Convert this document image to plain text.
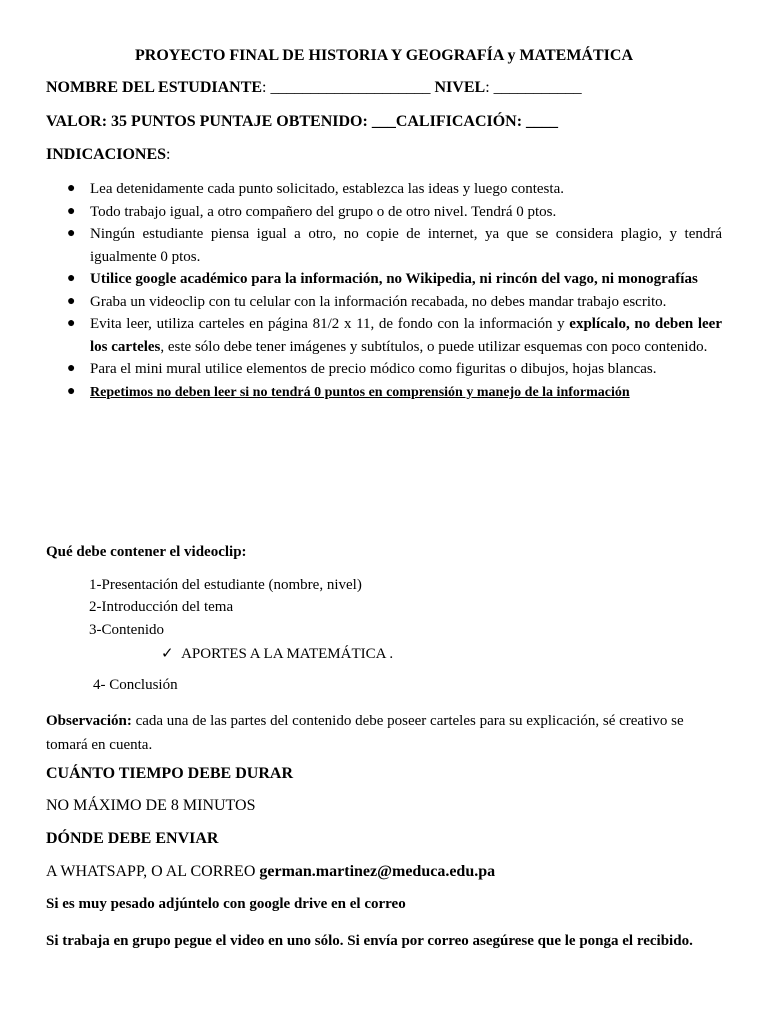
PROYECTO FINAL DE HISTORIA Y GEOGRAFÍA y MATEMÁTICA
NOMBRE DEL ESTUDIANTE: ____________________ NIVEL: ___________
VALOR: 35 PUNTOS PUNTAJE OBTENIDO: ___CALIFICACIÓN: ____
INDICACIONES:
● Lea detenidamente cada punto solicitado, establezca las ideas y luego contesta.
● Todo trabajo igual, a otro compañero del grupo o de otro nivel. Tendrá 0 ptos.
● Ningún estudiante piensa igual a otro, no copie de internet, ya que se considera plagio, y tendrá igualmente 0 ptos.
● Utilice google académico para la información, no Wikipedia, ni rincón del vago, ni monografías
● Graba un videoclip con tu celular con la información recabada, no debes mandar trabajo escrito.
● Evita leer, utiliza carteles en página 81/2 x 11, de fondo con la información y explícalo, no deben leer los carteles, este sólo debe tener imágenes y subtítulos, o puede utilizar esquemas con poco contenido.
● Para el mini mural utilice elementos de precio módico como figuritas o dibujos, hojas blancas.
● Repetimos no deben leer si no tendrá 0 puntos en comprensión y manejo de la información
Qué debe contener el videoclip:
1-Presentación del estudiante (nombre, nivel)
2-Introducción del tema
3-Contenido
✓ APORTES A LA MATEMÁTICA .
4- Conclusión
Observación: cada una de las partes del contenido debe poseer carteles para su explicación, sé creativo se tomará en cuenta.
CUÁNTO TIEMPO DEBE DURAR
NO MÁXIMO DE 8 MINUTOS
DÓNDE DEBE ENVIAR
A WHATSAPP, O AL CORREO german.martinez@meduca.edu.pa
Si es muy pesado adjúntelo con google drive en el correo
Si trabaja en grupo pegue el video en uno sólo. Si envía por correo asegúrese que le ponga el recibido.
